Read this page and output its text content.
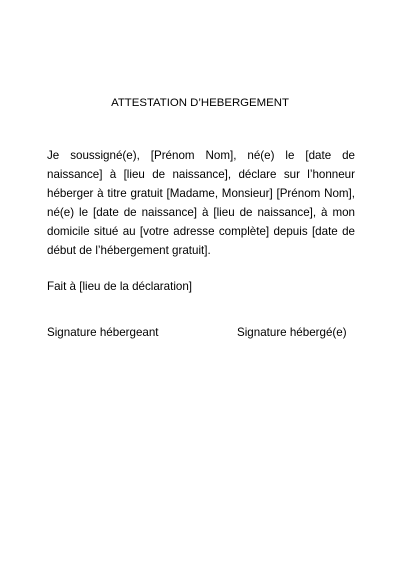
ATTESTATION D’HEBERGEMENT

Je soussigné(e), [Prénom Nom], né(e) le [date de naissance] à [lieu de naissance], déclare sur l’honneur héberger à titre gratuit [Madame, Monsieur] [Prénom Nom], né(e) le [date de naissance] à [lieu de naissance], à mon domicile situé au [votre adresse complète] depuis [date de début de l’hébergement gratuit].

Fait à [lieu de la déclaration]

Signature hébergeant	Signature hébergé(e)
